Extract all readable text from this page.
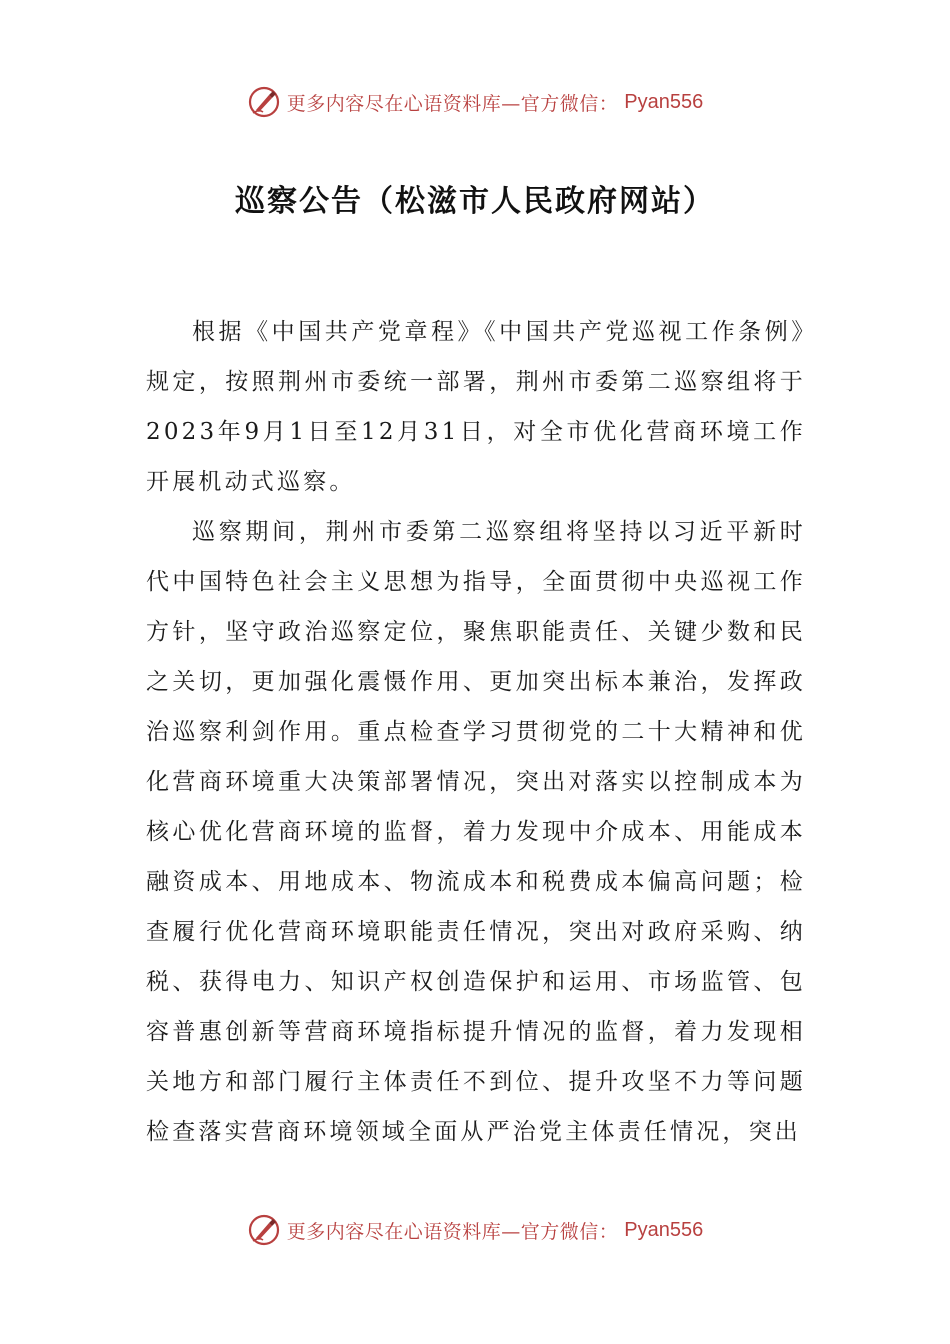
更多内容尽在心语资料库—官方微信： Pyan556
巡察公告（松滋市人民政府网站）

根据《中国共产党章程》《中国共产党巡视工作条例》规定，按照荆州市委统一部署，荆州市委第二巡察组将于2023年9月1日至12月31日，对全市优化营商环境工作开展机动式巡察。

巡察期间，荆州市委第二巡察组将坚持以习近平新时代中国特色社会主义思想为指导，全面贯彻中央巡视工作方针，坚守政治巡察定位，聚焦职能责任、关键少数和民之关切，更加强化震慑作用、更加突出标本兼治，发挥政治巡察利剑作用。重点检查学习贯彻党的二十大精神和优化营商环境重大决策部署情况，突出对落实以控制成本为核心优化营商环境的监督，着力发现中介成本、用能成本融资成本、用地成本、物流成本和税费成本偏高问题；检查履行优化营商环境职能责任情况，突出对政府采购、纳税、获得电力、知识产权创造保护和运用、市场监管、包容普惠创新等营商环境指标提升情况的监督，着力发现相关地方和部门履行主体责任不到位、提升攻坚不力等问题检查落实营商环境领域全面从严治党主体责任情况，突出

更多内容尽在心语资料库—官方微信： Pyan556
